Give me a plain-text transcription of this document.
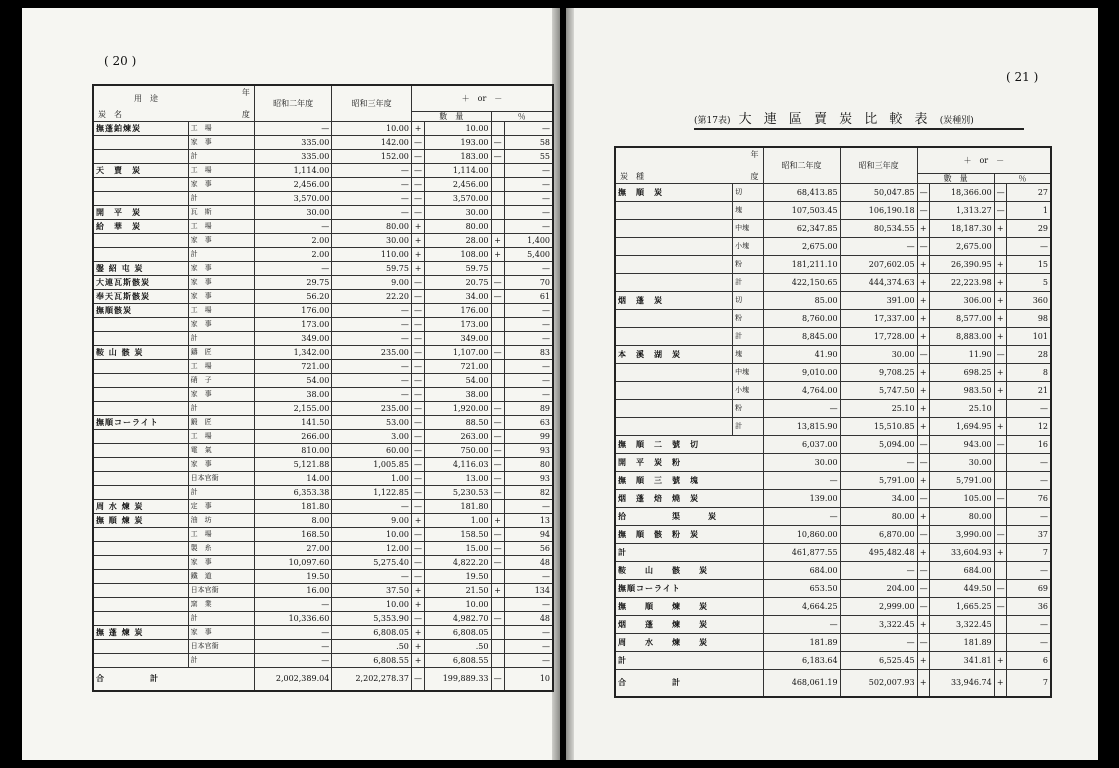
( 20 )
年
用　途
炭　名 度		昭和二年度	昭和三年度	＋　 or　 －			
				數　量		％	
撫蓬鉑煉炭	工　場	—	10.00	+	10.00		—
	家　事	335.00	142.00	—	193.00	—	58
	計	335.00	152.00	—	183.00	—	55
天　賣　炭	工　場	1,114.00	—	—	1,114.00		—
	家　事	2,456.00	—	—	2,456.00		—
	計	3,570.00	—	—	3,570.00		—
開　平　炭	瓦　斯	30.00	—	—	30.00		—
給　華　炭	工　場	—	80.00	+	80.00		—
	家　事	2.00	30.00	+	28.00	+	1,400
	計	2.00	110.00	+	108.00	+	5,400
鏧 紹 屯 炭	家　事	—	59.75	+	59.75		—
大連瓦斯骸炭	家　事	29.75	9.00	—	20.75	—	70
奉天瓦斯骸炭	家　事	56.20	22.20	—	34.00	—	61
撫順骸炭	工　場	176.00	—	—	176.00		—
	家　事	173.00	—	—	173.00		—
	計	349.00	—	—	349.00		—
鞍 山 骸 炭	鑄　匠	1,342.00	235.00	—	1,107.00	—	83
	工　場	721.00	—	—	721.00		—
	硝　子	54.00	—	—	54.00		—
	家　事	38.00	—	—	38.00		—
	計	2,155.00	235.00	—	1,920.00	—	89
撫順コーライト	鍛　匠	141.50	53.00	—	88.50	—	63
	工　場	266.00	3.00	—	263.00	—	99
	電　氣	810.00	60.00	—	750.00	—	93
	家　事	5,121.88	1,005.85	—	4,116.03	—	80
	日本官衙	14.00	1.00	—	13.00	—	93
	計	6,353.38	1,122.85	—	5,230.53	—	82
周 水 煉 炭	定　事	181.80	—	—	181.80		—
撫 順 煉 炭	油　坊	8.00	9.00	+	1.00	+	13
	工　場	168.50	10.00	—	158.50	—	94
	製　糸	27.00	12.00	—	15.00	—	56
	家　事	10,097.60	5,275.40	—	4,822.20	—	48
	鐵　道	19.50	—	—	19.50		—
	日本官衙	16.00	37.50	+	21.50	+	134
	窯　業	—	10.00	+	10.00		—
	計	10,336.60	5,353.90	—	4,982.70	—	48
撫 蓬 煉 炭	家　事	—	6,808.05	+	6,808.05		—
	日本官衙	—	.50	+	.50		—
	計	—	6,808.55	+	6,808.55		—
合　　　　　計		2,002,389.04	2,202,278.37	—	199,889.33	—	10
( 21 )
(第17表) 大 連 區 賣 炭 比 較 表 (炭種別)
年
炭　種 度		昭和二年度	昭和三年度	＋　 or　 －			
				數　量		％	
撫　順　炭	切	68,413.85	50,047.85	—	18,366.00	—	27
	塊	107,503.45	106,190.18	—	1,313.27	—	1
	中塊	62,347.85	80,534.55	+	18,187.30	+	29
	小塊	2,675.00	—	—	2,675.00		—
	粉	181,211.10	207,602.05	+	26,390.95	+	15
	計	422,150.65	444,374.63	+	22,223.98	+	5
烟　蓬　炭	切	85.00	391.00	+	306.00	+	360
	粉	8,760.00	17,337.00	+	8,577.00	+	98
	計	8,845.00	17,728.00	+	8,883.00	+	101
本　溪　湖　炭	塊	41.90	30.00	—	11.90	—	28
	中塊	9,010.00	9,708.25	+	698.25	+	8
	小塊	4,764.00	5,747.50	+	983.50	+	21
	粉	—	25.10	+	25.10		—
	計	13,815.90	15,510.85	+	1,694.95	+	12
撫　順　二　號　切		6,037.00	5,094.00	—	943.00	—	16
開　平　炭　粉		30.00	—	—	30.00		—
撫　順　三　號　塊		—	5,791.00	+	5,791.00		—
烟　蓬　焙　燒　炭		139.00	34.00	—	105.00	—	76
拾　　　　　渠　　　炭		—	80.00	+	80.00		—
撫　順　骸　粉　炭		10,860.00	6,870.00	—	3,990.00	—	37
計		461,877.55	495,482.48	+	33,604.93	+	7
鞍　　山　　骸　　炭		684.00	—	—	684.00		—
撫順コーライト		653.50	204.00	—	449.50	—	69
撫　　順　　煉　　炭		4,664.25	2,999.00	—	1,665.25	—	36
烟　　蓬　　煉　　炭		—	3,322.45	+	3,322.45		—
周　　水　　煉　　炭		181.89	—	—	181.89		—
計		6,183.64	6,525.45	+	341.81	+	6
合　　　　　計		468,061.19	502,007.93	+	33,946.74	+	7
